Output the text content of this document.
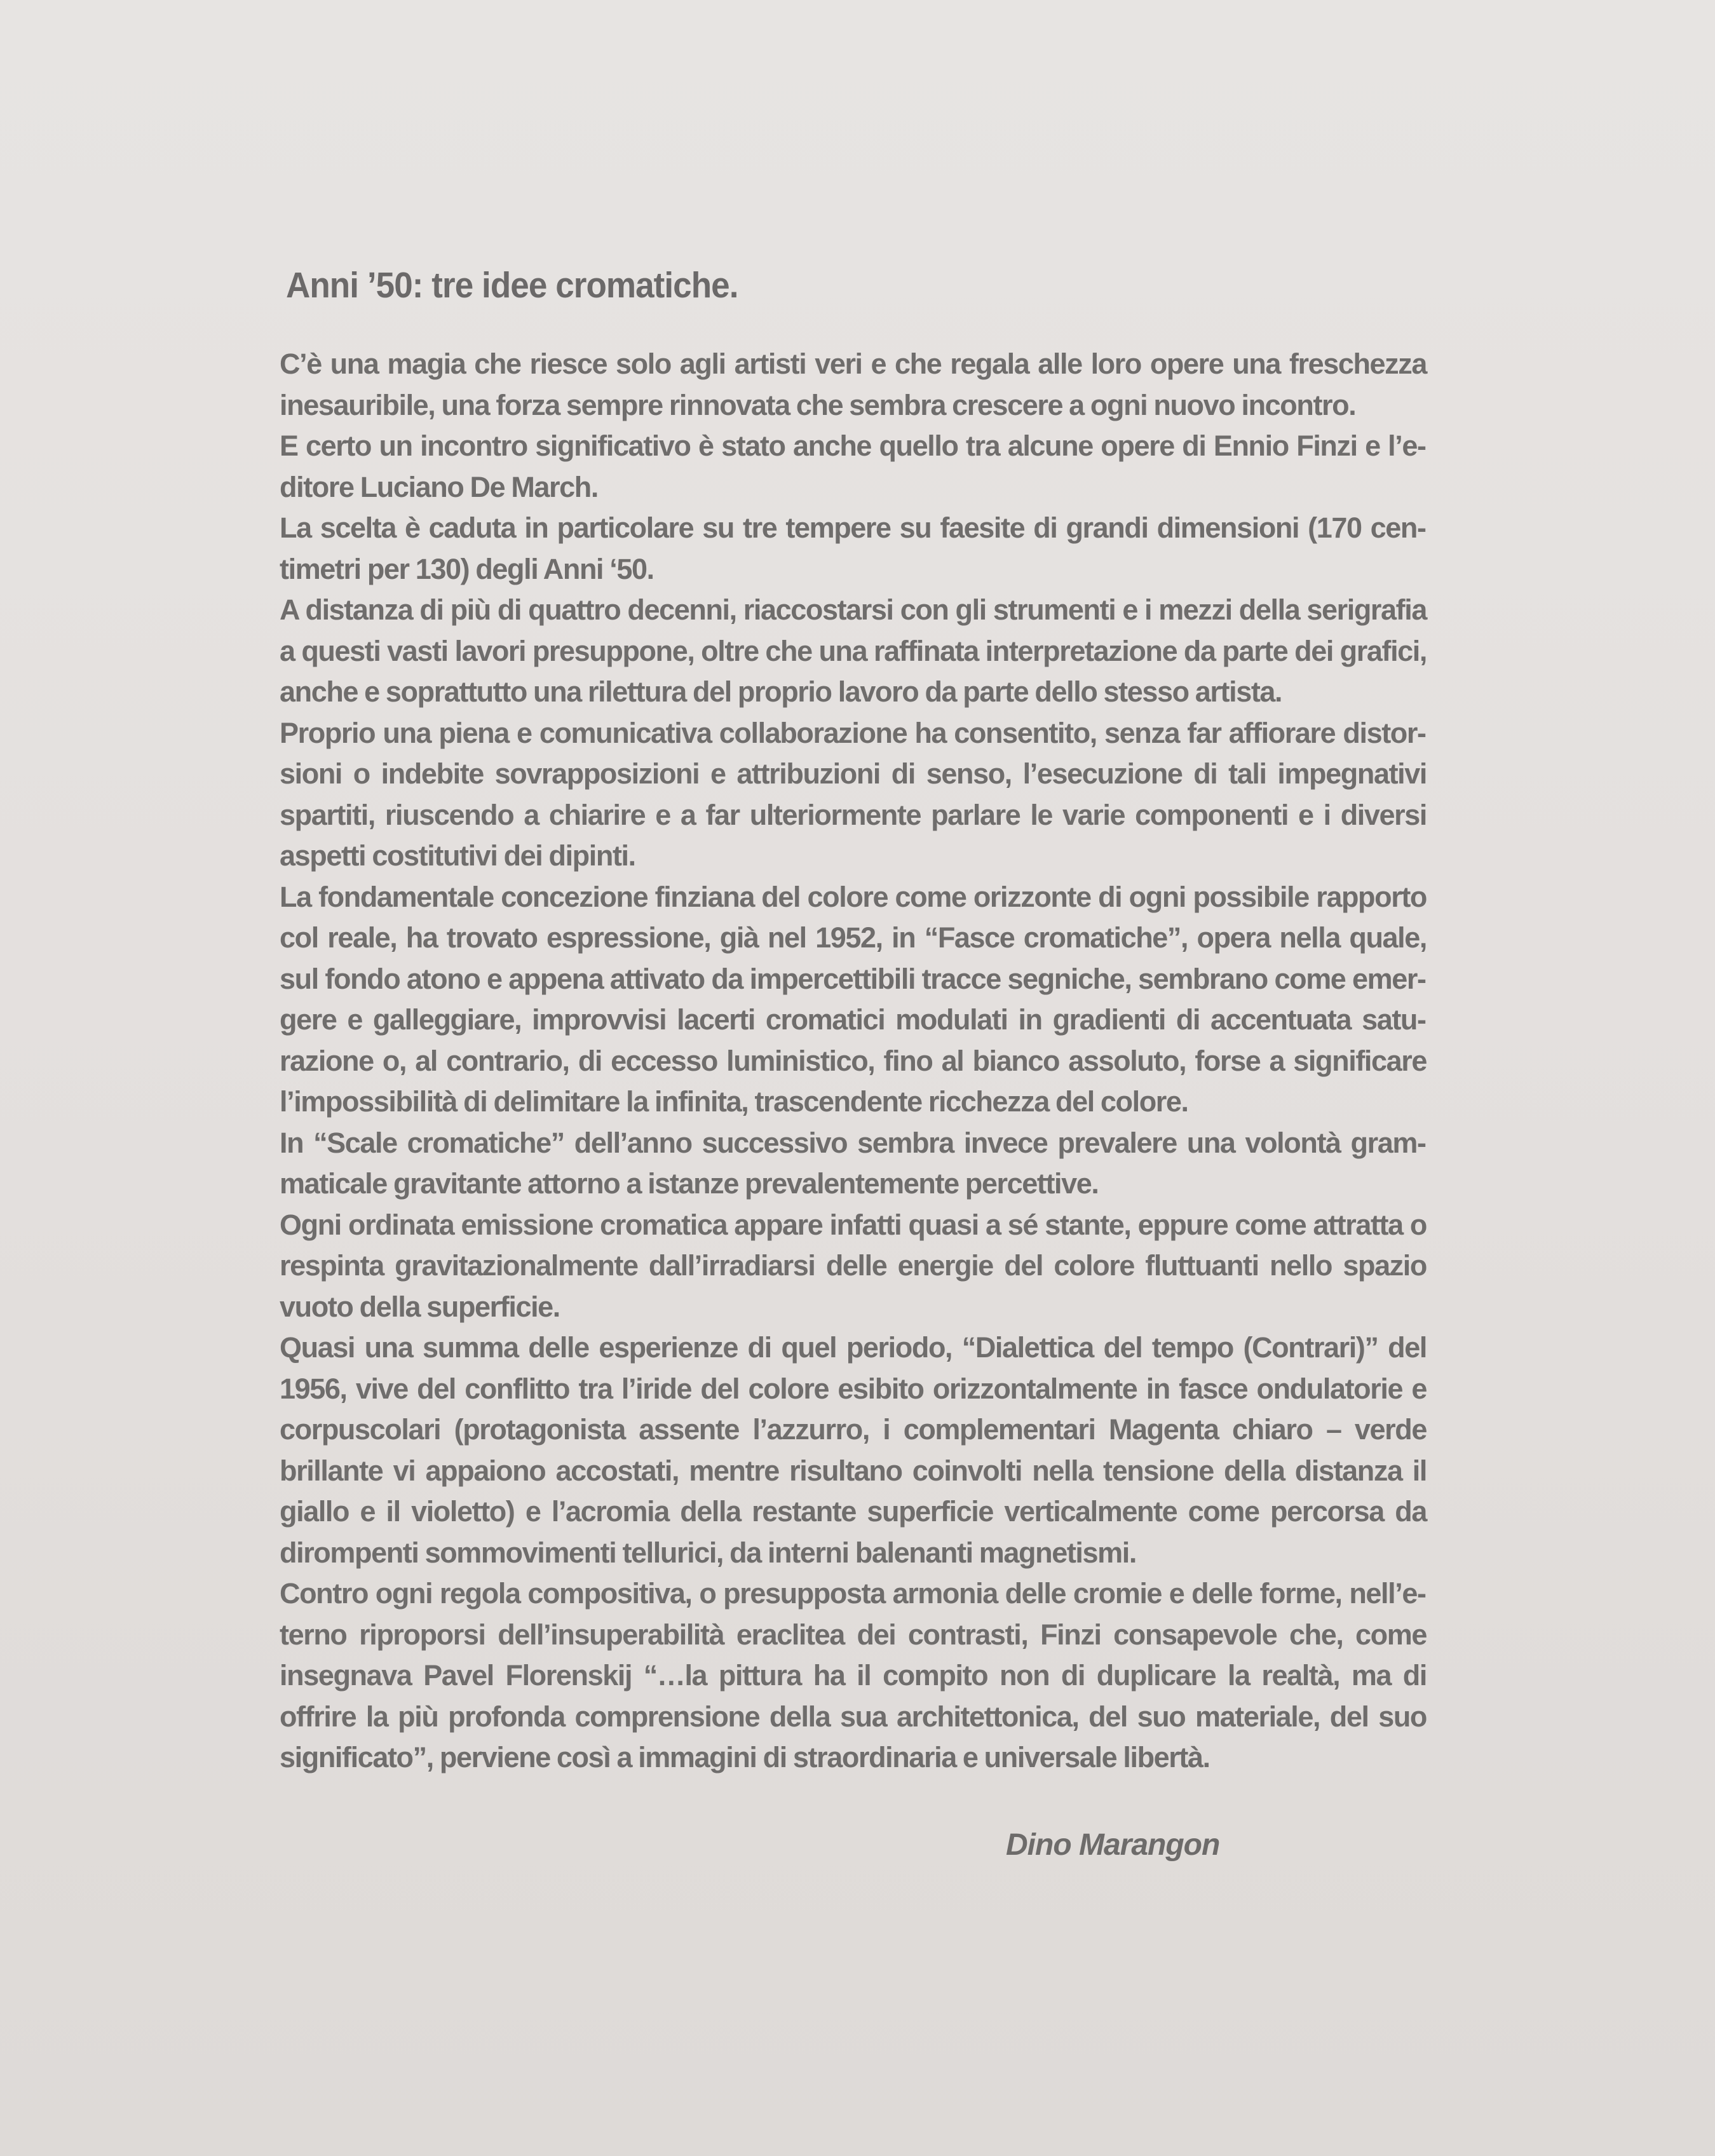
Anni ’50: tre idee cromatiche.

C’è una magia che riesce solo agli artisti veri e che regala alle loro opere una freschezza inesauribile, una forza sempre rinnovata che sembra crescere a ogni nuovo incontro.

E certo un incontro significativo è stato anche quello tra alcune opere di Ennio Finzi e l’editore Luciano De March.

La scelta è caduta in particolare su tre tempere su faesite di grandi dimensioni (170 centimetri per 130) degli Anni ‘50.

A distanza di più di quattro decenni, riaccostarsi con gli strumenti e i mezzi della serigrafia a questi vasti lavori presuppone, oltre che una raffinata interpretazione da parte dei grafici, anche e soprattutto una rilettura del proprio lavoro da parte dello stesso artista.

Proprio una piena e comunicativa collaborazione ha consentito, senza far affiorare distorsioni o indebite sovrapposizioni e attribuzioni di senso, l’esecuzione di tali impegnativi spartiti, riuscendo a chiarire e a far ulteriormente parlare le varie componenti e i diversi aspetti costitutivi dei dipinti.

La fondamentale concezione finziana del colore come orizzonte di ogni possibile rapporto col reale, ha trovato espressione, già nel 1952, in “Fasce cromatiche”, opera nella quale, sul fondo atono e appena attivato da impercettibili tracce segniche, sembrano come emergere e galleggiare, improvvisi lacerti cromatici modulati in gradienti di accentuata saturazione o, al contrario, di eccesso luministico, fino al bianco assoluto, forse a significare l’impossibilità di delimitare la infinita, trascendente ricchezza del colore.

In “Scale cromatiche” dell’anno successivo sembra invece prevalere una volontà grammaticale gravitante attorno a istanze prevalentemente percettive.

Ogni ordinata emissione cromatica appare infatti quasi a sé stante, eppure come attratta o respinta gravitazionalmente dall’irradiarsi delle energie del colore fluttuanti nello spazio vuoto della superficie.

Quasi una summa delle esperienze di quel periodo, “Dialettica del tempo (Contrari)” del 1956, vive del conflitto tra l’iride del colore esibito orizzontalmente in fasce ondulatorie e corpuscolari (protagonista assente l’azzurro, i complementari Magenta chiaro – verde brillante vi appaiono accostati, mentre risultano coinvolti nella tensione della distanza il giallo e il violetto) e l’acromia della restante superficie verticalmente come percorsa da dirompenti sommovimenti tellurici, da interni balenanti magnetismi.

Contro ogni regola compositiva, o presupposta armonia delle cromie e delle forme, nell’eterno riproporsi dell’insuperabilità eraclitea dei contrasti, Finzi consapevole che, come insegnava Pavel Florenskij “…la pittura ha il compito non di duplicare la realtà, ma di offrire la più profonda comprensione della sua architettonica, del suo materiale, del suo significato”, perviene così a immagini di straordinaria e universale libertà.

Dino Marangon
